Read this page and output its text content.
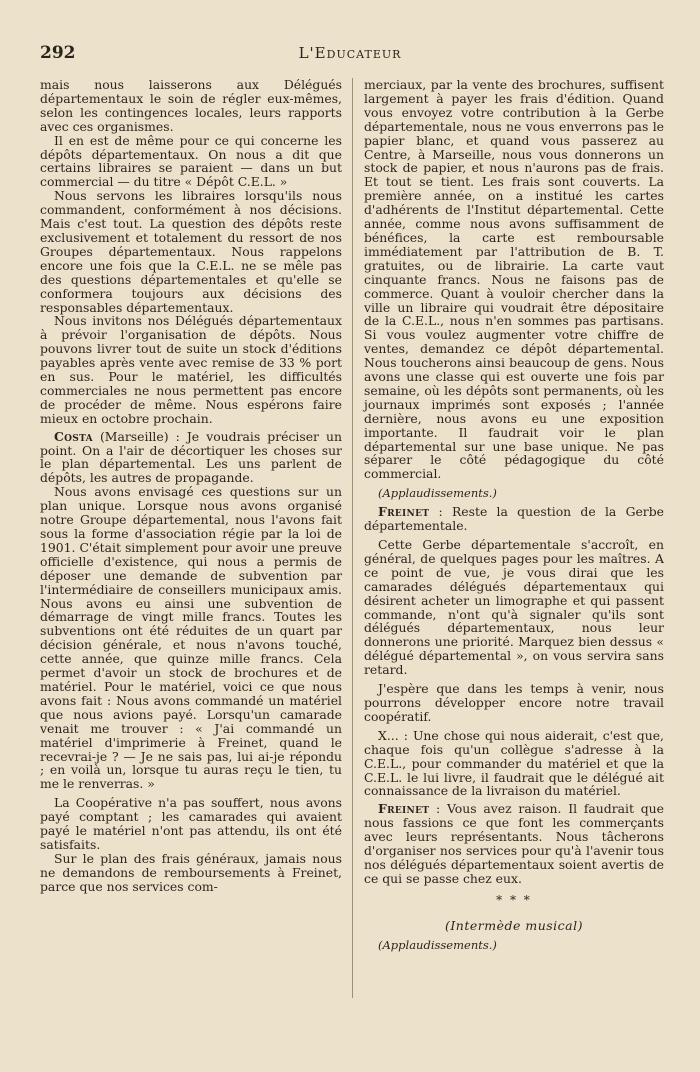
292	L'Educateur

mais nous laisserons aux Délégués départementaux le soin de régler eux-mêmes, selon les contingences locales, leurs rapports avec ces organismes.

Il en est de même pour ce qui concerne les dépôts départementaux. On nous a dit que certains libraires se paraient — dans un but commercial — du titre « Dépôt C.E.L. »

Nous servons les libraires lorsqu'ils nous commandent, conformément à nos décisions. Mais c'est tout. La question des dépôts reste exclusivement et totalement du ressort de nos Groupes départementaux. Nous rappelons encore une fois que la C.E.L. ne se mêle pas des questions départementales et qu'elle se conformera toujours aux décisions des responsables départementaux.

Nous invitons nos Délégués départementaux à prévoir l'organisation de dépôts. Nous pouvons livrer tout de suite un stock d'éditions payables après vente avec remise de 33 % port en sus. Pour le matériel, les difficultés commerciales ne nous permettent pas encore de procéder de même. Nous espérons faire mieux en octobre prochain.

Costa (Marseille) : Je voudrais préciser un point. On a l'air de décortiquer les choses sur le plan départemental. Les uns parlent de dépôts, les autres de propagande.

Nous avons envisagé ces questions sur un plan unique. Lorsque nous avons organisé notre Groupe départemental, nous l'avons fait sous la forme d'association régie par la loi de 1901. C'était simplement pour avoir une preuve officielle d'existence, qui nous a permis de déposer une demande de subvention par l'intermédiaire de conseillers municipaux amis. Nous avons eu ainsi une subvention de démarrage de vingt mille francs. Toutes les subventions ont été réduites de un quart par décision générale, et nous n'avons touché, cette année, que quinze mille francs. Cela permet d'avoir un stock de brochures et de matériel. Pour le matériel, voici ce que nous avons fait : Nous avons commandé un matériel que nous avions payé. Lorsqu'un camarade venait me trouver : « J'ai commandé un matériel d'imprimerie à Freinet, quand le recevrai-je ? — Je ne sais pas, lui ai-je répondu ; en voilà un, lorsque tu auras reçu le tien, tu me le renverras. »

La Coopérative n'a pas souffert, nous avons payé comptant ; les camarades qui avaient payé le matériel n'ont pas attendu, ils ont été satisfaits.

Sur le plan des frais généraux, jamais nous ne demandons de remboursements à Freinet, parce que nos services com-

merciaux, par la vente des brochures, suffisent largement à payer les frais d'édition. Quand vous envoyez votre contribution à la Gerbe départementale, nous ne vous enverrons pas le papier blanc, et quand vous passerez au Centre, à Marseille, nous vous donnerons un stock de papier, et nous n'aurons pas de frais. Et tout se tient. Les frais sont couverts. La première année, on a institué les cartes d'adhérents de l'Institut départemental. Cette année, comme nous avons suffisamment de bénéfices, la carte est remboursable immédiatement par l'attribution de B. T. gratuites, ou de librairie. La carte vaut cinquante francs. Nous ne faisons pas de commerce. Quant à vouloir chercher dans la ville un libraire qui voudrait être dépositaire de la C.E.L., nous n'en sommes pas partisans. Si vous voulez augmenter votre chiffre de ventes, demandez ce dépôt départemental. Nous toucherons ainsi beaucoup de gens. Nous avons une classe qui est ouverte une fois par semaine, où les dépôts sont permanents, où les journaux imprimés sont exposés ; l'année dernière, nous avons eu une exposition importante. Il faudrait voir le plan départemental sur une base unique. Ne pas séparer le côté pédagogique du côté commercial.

(Applaudissements.)

Freinet : Reste la question de la Gerbe départementale.

Cette Gerbe départementale s'accroît, en général, de quelques pages pour les maîtres. A ce point de vue, je vous dirai que les camarades délégués départementaux qui désirent acheter un limographe et qui passent commande, n'ont qu'à signaler qu'ils sont délégués départementaux, nous leur donnerons une priorité. Marquez bien dessus « délégué départemental », on vous servira sans retard.

J'espère que dans les temps à venir, nous pourrons développer encore notre travail coopératif.

X... : Une chose qui nous aiderait, c'est que, chaque fois qu'un collègue s'adresse à la C.E.L., pour commander du matériel et que la C.E.L. le lui livre, il faudrait que le délégué ait connaissance de la livraison du matériel.

Freinet : Vous avez raison. Il faudrait que nous fassions ce que font les commerçants avec leurs représentants. Nous tâcherons d'organiser nos services pour qu'à l'avenir tous nos délégués départementaux soient avertis de ce qui se passe chez eux.

* * *

(Intermède musical)

(Applaudissements.)
